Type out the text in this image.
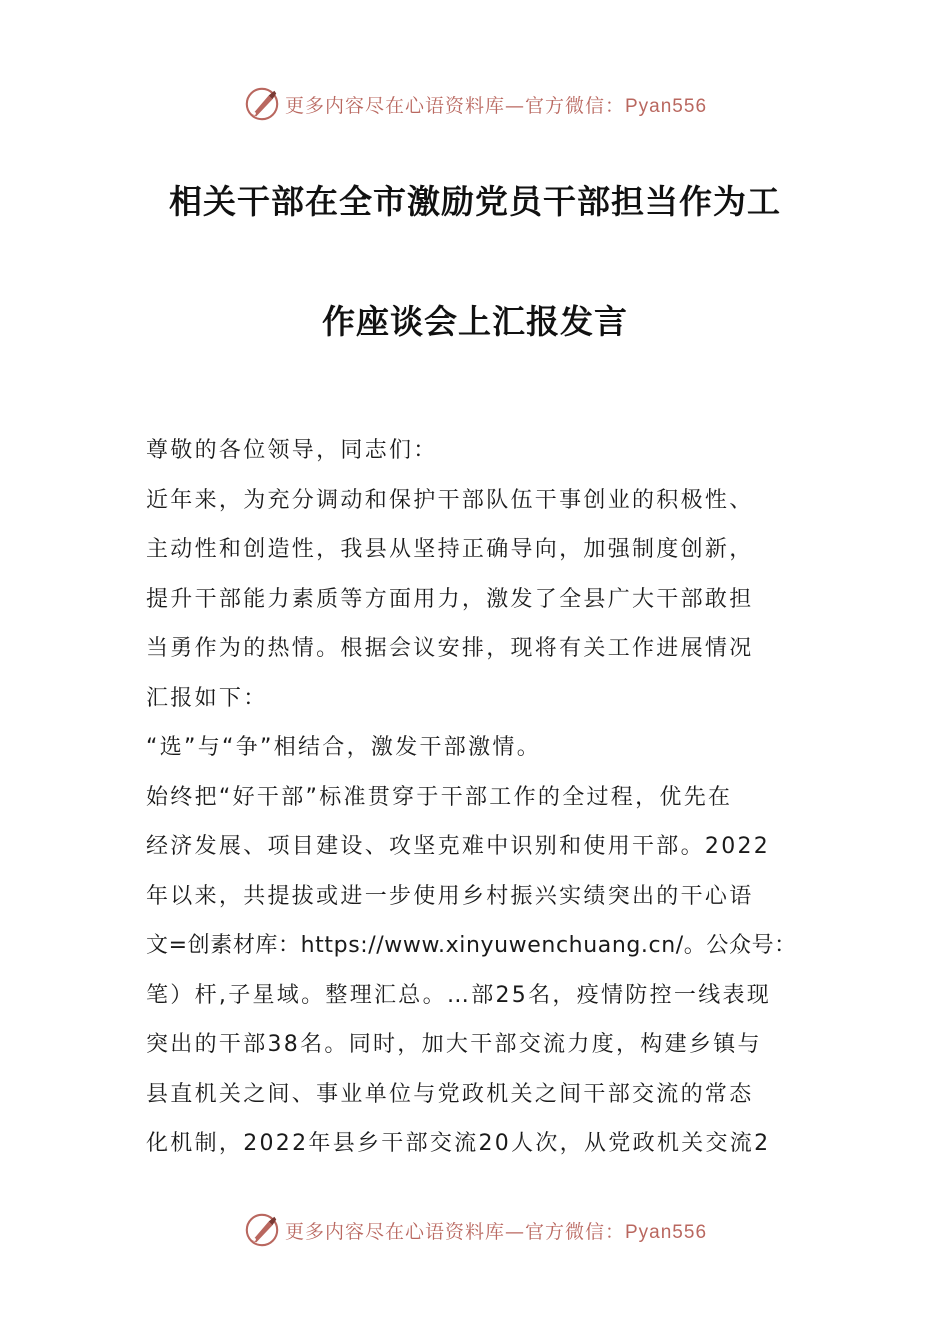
更多内容尽在心语资料库—官方微信：Pyan556
相关干部在全市激励党员干部担当作为工
作座谈会上汇报发言
尊敬的各位领导，同志们：
近年来，为充分调动和保护干部队伍干事创业的积极性、
主动性和创造性，我县从坚持正确导向，加强制度创新，
提升干部能力素质等方面用力，激发了全县广大干部敢担
当勇作为的热情。根据会议安排，现将有关工作进展情况
汇报如下：
“选”与“争”相结合，激发干部激情。
始终把“好干部”标准贯穿于干部工作的全过程，优先在
经济发展、项目建设、攻坚克难中识别和使用干部。2022
年以来，共提拔或进一步使用乡村振兴实绩突出的干心语
文=创素材库：https://www.xinyuwenchuang.cn/。公众号：
笔）杆,子星域。整理汇总。…部25名，疫情防控一线表现
突出的干部38名。同时，加大干部交流力度，构建乡镇与
县直机关之间、事业单位与党政机关之间干部交流的常态
化机制，2022年县乡干部交流20人次，从党政机关交流2
更多内容尽在心语资料库—官方微信：Pyan556
